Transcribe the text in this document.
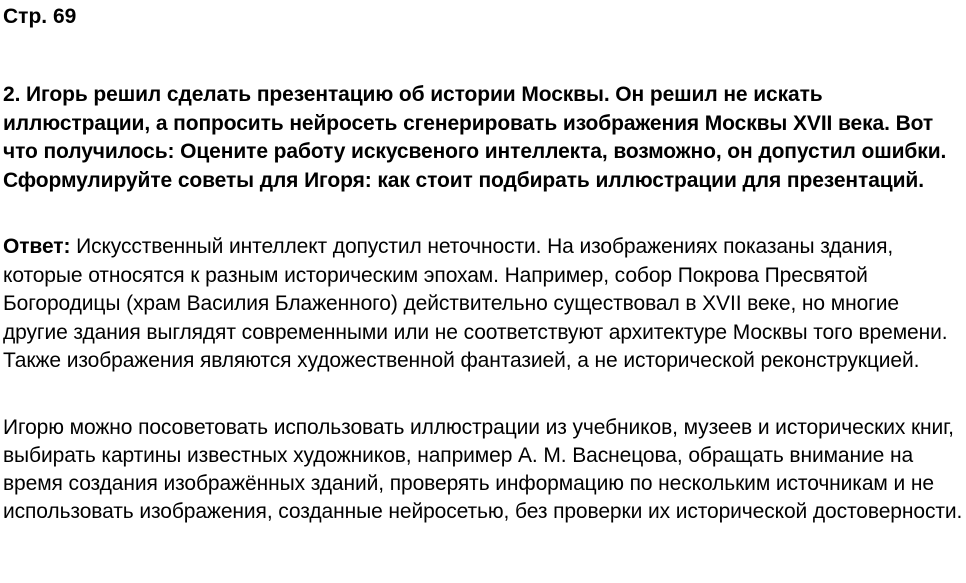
Стр. 69
2. Игорь решил сделать презентацию об истории Москвы. Он решил не искать иллюстрации, а попросить нейросеть сгенерировать изображения Москвы XVII века. Вот что получилось: Оцените работу искусвеного интеллекта, возможно, он допустил ошибки. Сформулируйте советы для Игоря: как стоит подбирать иллюстрации для презентаций.
Ответ: Искусственный интеллект допустил неточности. На изображениях показаны здания, которые относятся к разным историческим эпохам. Например, собор Покрова Пресвятой Богородицы (храм Василия Блаженного) действительно существовал в XVII веке, но многие другие здания выглядят современными или не соответствуют архитектуре Москвы того времени. Также изображения являются художественной фантазией, а не исторической реконструкцией.
Игорю можно посоветовать использовать иллюстрации из учебников, музеев и исторических книг, выбирать картины известных художников, например А. М. Васнецова, обращать внимание на время создания изображённых зданий, проверять информацию по нескольким источникам и не использовать изображения, созданные нейросетью, без проверки их исторической достоверности.
